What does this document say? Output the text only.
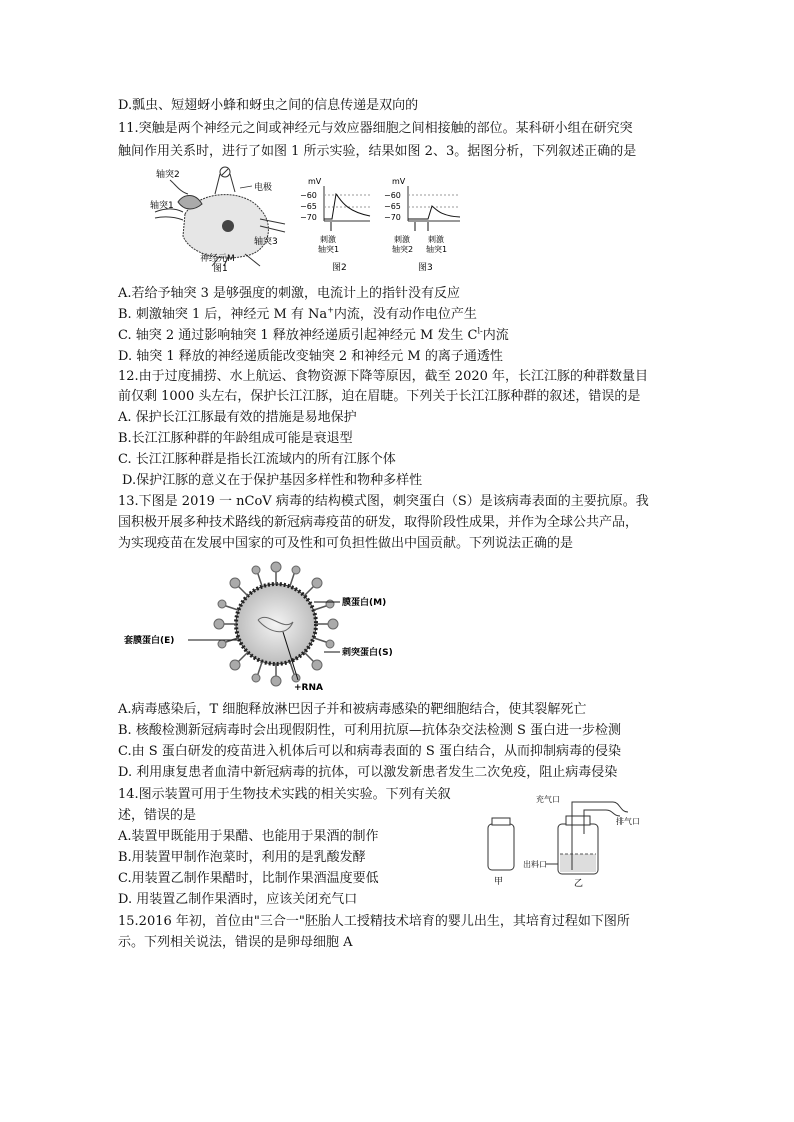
D.瓢虫、短翅蚜小蜂和蚜虫之间的信息传递是双向的
11.突触是两个神经元之间或神经元与效应器细胞之间相接触的部位。某科研小组在研究突
触间作用关系时，进行了如图 1 所示实验，结果如图 2、3。据图分析，下列叙述正确的是
轴突2
电极
轴突1
轴突3
神经元M
图1
mV
−60
−65
−70
刺激
轴突1
图2
mV
−60
−65
−70
刺激
轴突2
刺激
轴突1
图3
A.若给予轴突 3 是够强度的刺激，电流计上的指针没有反应
B. 刺激轴突 1 后，神经元 M 有 Na+内流，没有动作电位产生
C. 轴突 2 通过影响轴突 1 释放神经递质引起神经元 M 发生 $C^{l-}$内流
D. 轴突 1 释放的神经递质能改变轴突 2 和神经元 M 的离子通透性
12.由于过度捕捞、水上航运、食物资源下降等原因，截至 2020 年，长江江豚的种群数量目
前仅剩 1000 头左右，保护长江江豚，迫在眉睫。下列关于长江江豚种群的叙述，错误的是
A. 保护长江江豚最有效的措施是易地保护
B.长江江豚种群的年龄组成可能是衰退型
C. 长江江豚种群是指长江流域内的所有江豚个体
D.保护江豚的意义在于保护基因多样性和物种多样性
13.下图是 2019 一 nCoV 病毒的结构模式图，刺突蛋白（S）是该病毒表面的主要抗原。我
国积极开展多种技术路线的新冠病毒疫苗的研发，取得阶段性成果，并作为全球公共产品，
为实现疫苗在发展中国家的可及性和可负担性做出中国贡献。下列说法正确的是
膜蛋白(M)
套膜蛋白(E)
刺突蛋白(S)
+RNA
A.病毒感染后，T 细胞释放淋巴因子并和被病毒感染的靶细胞结合，使其裂解死亡
B. 核酸检测新冠病毒时会出现假阴性，可利用抗原—抗体杂交法检测 S 蛋白进一步检测
C.由 S 蛋白研发的疫苗进入机体后可以和病毒表面的 S 蛋白结合，从而抑制病毒的侵染
D. 利用康复患者血清中新冠病毒的抗体，可以激发新患者发生二次免疫，阻止病毒侵染
14.图示装置可用于生物技术实践的相关实验。下列有关叙
述，错误的是
A.装置甲既能用于果醋、也能用于果酒的制作
B.用装置甲制作泡菜时，利用的是乳酸发酵
C.用装置乙制作果醋时，比制作果酒温度要低
D. 用装置乙制作果酒时，应该关闭充气口
甲
充气口
排气口
出料口
乙
15.2016 年初，首位由"三合一"胚胎人工授精技术培育的婴儿出生，其培育过程如下图所
示。下列相关说法，错误的是卵母细胞 A
